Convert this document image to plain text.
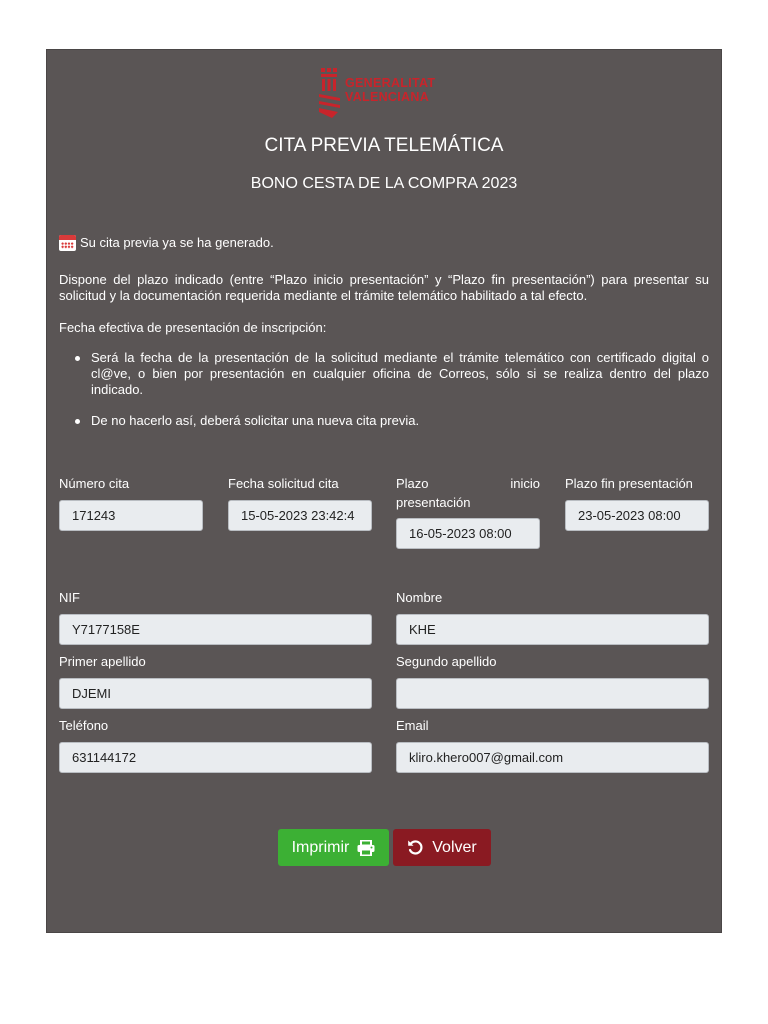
GENERALITAT
VALENCIANA
CITA PREVIA TELEMÁTICA
BONO CESTA DE LA COMPRA 2023
Su cita previa ya se ha generado.
Dispone del plazo indicado (entre “Plazo inicio presentación” y “Plazo fin presentación”) para presentar su solicitud y la documentación requerida mediante el trámite telemático habilitado a tal efecto.
Fecha efectiva de presentación de inscripción:
Será la fecha de la presentación de la solicitud mediante el trámite telemático con certificado digital o cl@ve, o bien por presentación en cualquier oficina de Correos, sólo si se realiza dentro del plazo indicado.
De no hacerlo así, deberá solicitar una nueva cita previa.
Número cita
171243
Fecha solicitud cita
15-05-2023 23:42:4
Plazo	inicio
presentación
16-05-2023 08:00
Plazo fin presentación
23-05-2023 08:00
NIF
Y7177158E
Nombre
KHE
Primer apellido
DJEMI
Segundo apellido
Teléfono
631144172
Email
kliro.khero007@gmail.com
Imprimir	Volver
